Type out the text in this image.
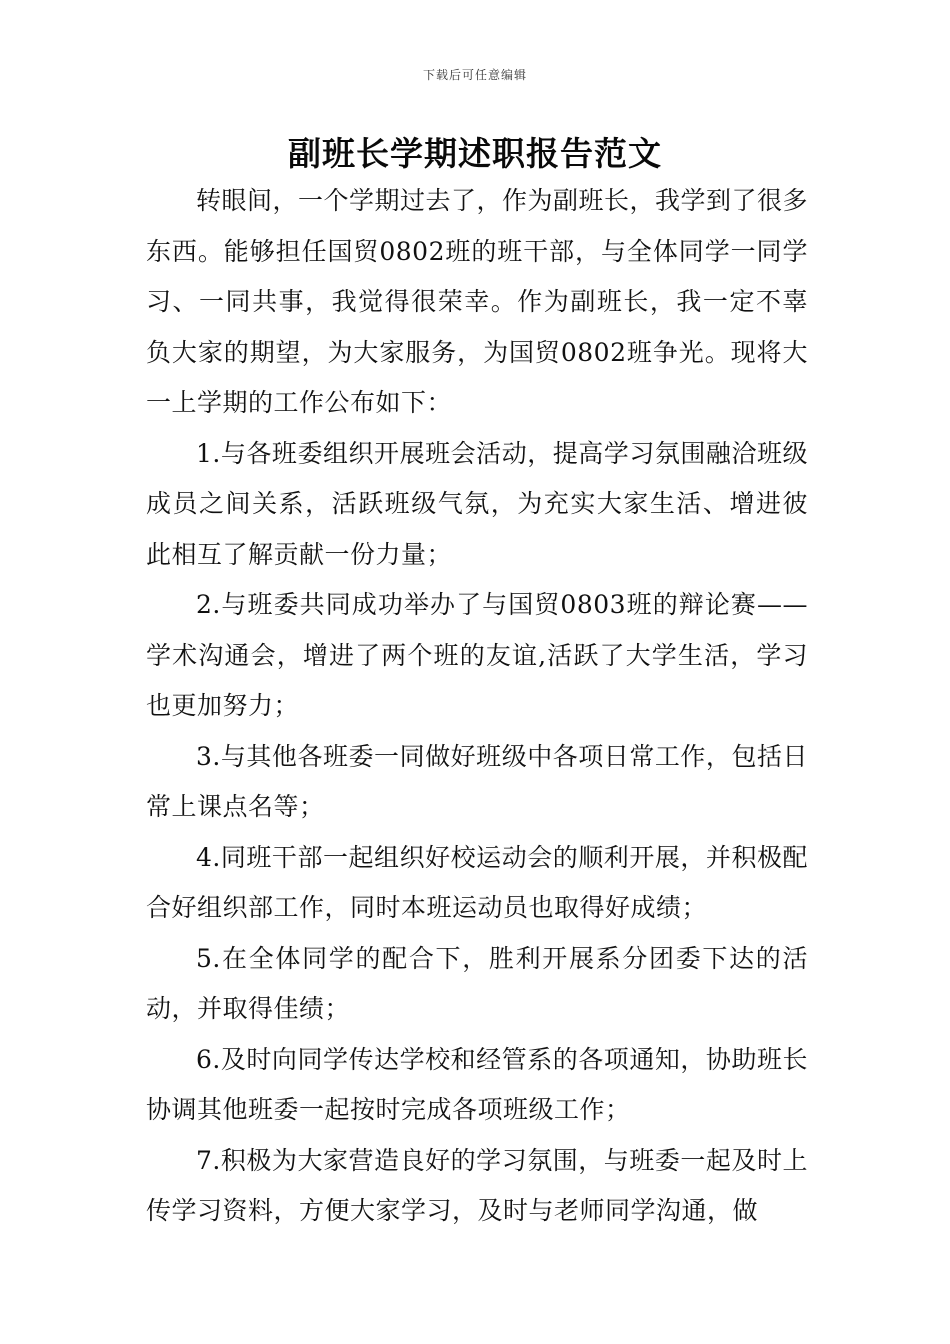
下载后可任意编辑
副班长学期述职报告范文

转眼间，一个学期过去了，作为副班长，我学到了很多东西。能够担任国贸0802班的班干部，与全体同学一同学习、一同共事，我觉得很荣幸。作为副班长，我一定不辜负大家的期望，为大家服务，为国贸0802班争光。现将大一上学期的工作公布如下：

1.与各班委组织开展班会活动，提高学习氛围融洽班级成员之间关系，活跃班级气氛，为充实大家生活、增进彼此相互了解贡献一份力量；

2.与班委共同成功举办了与国贸0803班的辩论赛——学术沟通会，增进了两个班的友谊,活跃了大学生活，学习也更加努力；

3.与其他各班委一同做好班级中各项日常工作，包括日常上课点名等；

4.同班干部一起组织好校运动会的顺利开展，并积极配合好组织部工作，同时本班运动员也取得好成绩；

5.在全体同学的配合下，胜利开展系分团委下达的活动，并取得佳绩；

6.及时向同学传达学校和经管系的各项通知，协助班长协调其他班委一起按时完成各项班级工作；

7.积极为大家营造良好的学习氛围，与班委一起及时上传学习资料，方便大家学习，及时与老师同学沟通，做
